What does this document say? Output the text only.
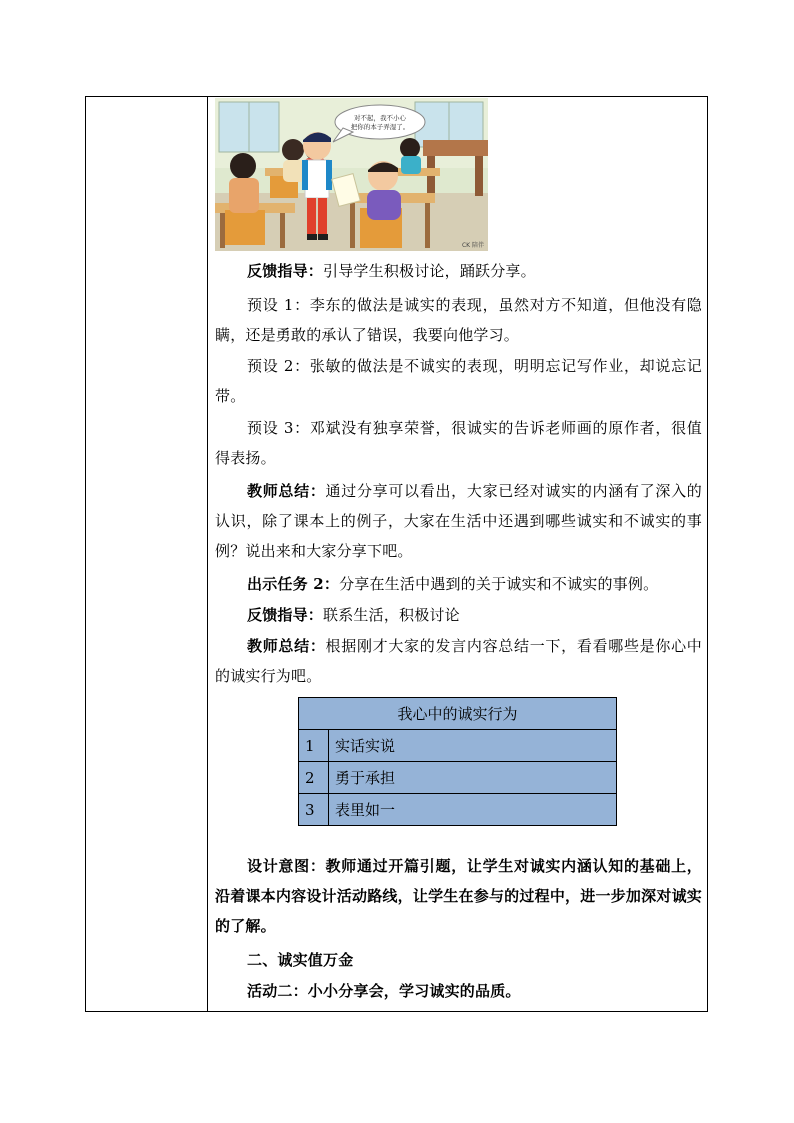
对不起，我不小心
把你的本子弄湿了。
CK 陪伴

反馈指导：引导学生积极讨论，踊跃分享。

预设 1：李东的做法是诚实的表现，虽然对方不知道，但他没有隐瞒，还是勇敢的承认了错误，我要向他学习。

预设 2：张敏的做法是不诚实的表现，明明忘记写作业，却说忘记带。

预设 3：邓斌没有独享荣誉，很诚实的告诉老师画的原作者，很值得表扬。

教师总结：通过分享可以看出，大家已经对诚实的内涵有了深入的认识，除了课本上的例子，大家在生活中还遇到哪些诚实和不诚实的事例？说出来和大家分享下吧。

出示任务 2：分享在生活中遇到的关于诚实和不诚实的事例。

反馈指导：联系生活，积极讨论

教师总结：根据刚才大家的发言内容总结一下，看看哪些是你心中的诚实行为吧。

我心中的诚实行为	
1	实话实说
2	勇于承担
3	表里如一

设计意图：教师通过开篇引题，让学生对诚实内涵认知的基础上，沿着课本内容设计活动路线，让学生在参与的过程中，进一步加深对诚实的了解。

二、诚实值万金

活动二：小小分享会，学习诚实的品质。
